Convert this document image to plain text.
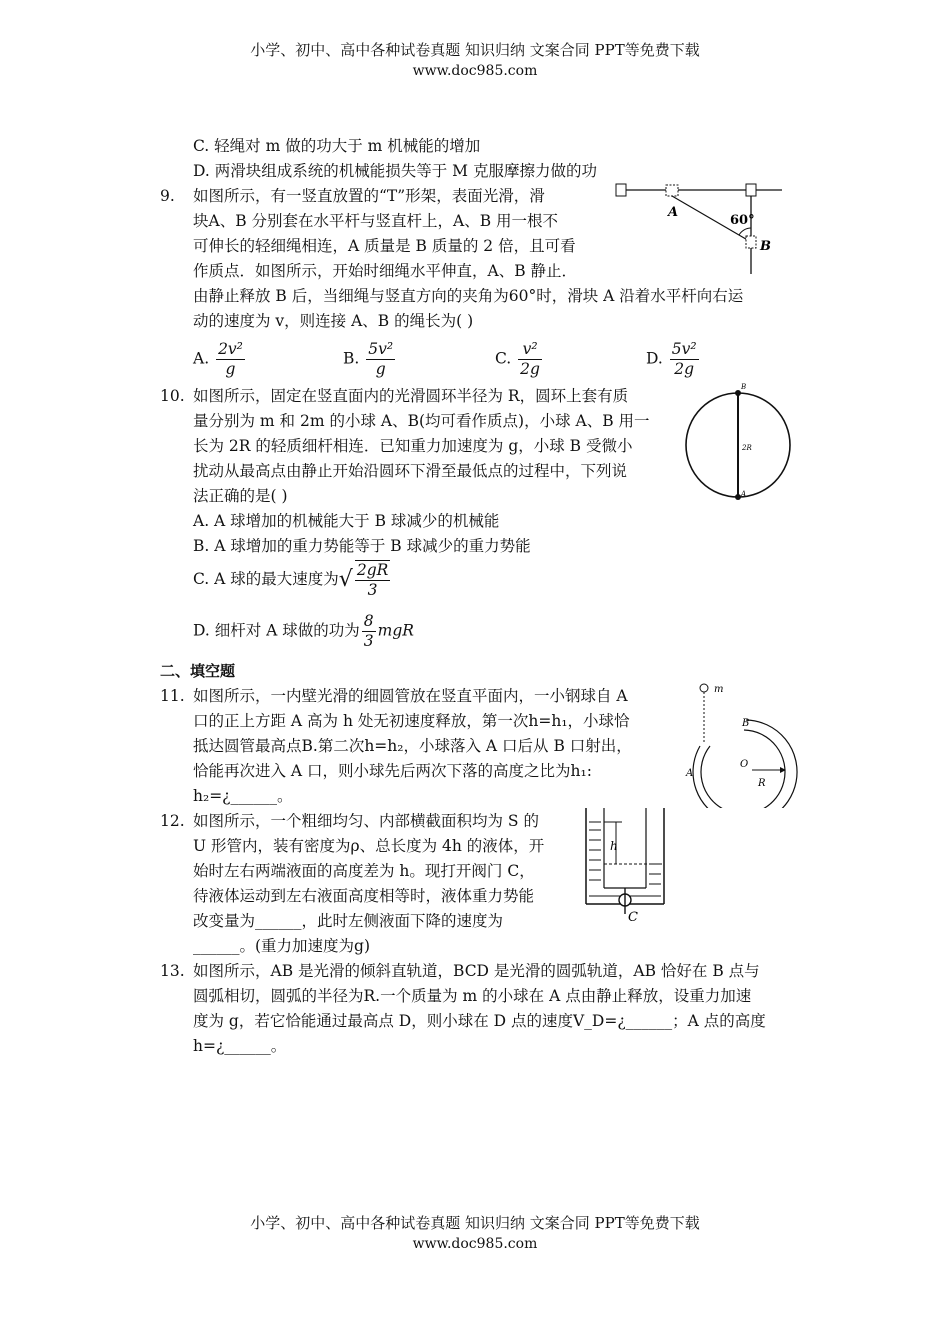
小学、初中、高中各种试卷真题 知识归纳 文案合同 PPT等免费下载
www.doc985.com
C. 轻绳对 m 做的功大于 m 机械能的增加
D. 两滑块组成系统的机械能损失等于 M 克服摩擦力做的功
9. 如图所示，有一竖直放置的“T”形架，表面光滑，滑
块A、B 分别套在水平杆与竖直杆上，A、B 用一根不
可伸长的轻细绳相连，A 质量是 B 质量的 2 倍，且可看
作质点．如图所示，开始时细绳水平伸直，A、B 静止．
由静止释放 B 后，当细绳与竖直方向的夹角为60°时，滑块 A 沿着水平杆向右运
动的速度为 v，则连接 A、B 的绳长为( )
A
B
60°
A. $\frac{\text{2v²}}{g}$	B. $\frac{\text{5v²}}{g}$	C. $\frac{\text{v²}}{2g}$	D. $\frac{\text{5v²}}{2g}$
10. 如图所示，固定在竖直面内的光滑圆环半径为 R，圆环上套有质
量分别为 m 和 2m 的小球 A、B(均可看作质点)，小球 A、B 用一
长为 2R 的轻质细杆相连．已知重力加速度为 g，小球 B 受微小
扰动从最高点由静止开始沿圆环下滑至最低点的过程中，下列说
法正确的是( )
B
A
2R
A. A 球增加的机械能大于 B 球减少的机械能
B. A 球增加的重力势能等于 B 球减少的重力势能
C. A 球的最大速度为√ $\frac{2gR}{3}$
D. 细杆对 A 球做的功为 $\frac{8}{3}$ mgR
二、填空题
11. 如图所示，一内壁光滑的细圆管放在竖直平面内，一小钢球自 A
口的正上方距 A 高为 h 处无初速度释放，第一次h=h₁，小球恰
抵达圆管最高点B.第二次h=h₂，小球落入 A 口后从 B 口射出，
恰能再次进入 A 口，则小球先后两次下落的高度之比为h₁:
h₂=¿______。
m
B
A
O
R
12. 如图所示，一个粗细均匀、内部横截面积均为 S 的
U 形管内，装有密度为ρ、总长度为 4h 的液体，开
始时左右两端液面的高度差为 h。现打开阀门 C，
待液体运动到左右液面高度相等时，液体重力势能
改变量为______，此时左侧液面下降的速度为
______。(重力加速度为g)
h
C
13. 如图所示，AB 是光滑的倾斜直轨道，BCD 是光滑的圆弧轨道，AB 恰好在 B 点与
圆弧相切，圆弧的半径为R.一个质量为 m 的小球在 A 点由静止释放，设重力加速
度为 g，若它恰能通过最高点 D，则小球在 D 点的速度V_D=¿______；A 点的高度
h=¿______。
小学、初中、高中各种试卷真题 知识归纳 文案合同 PPT等免费下载
www.doc985.com
